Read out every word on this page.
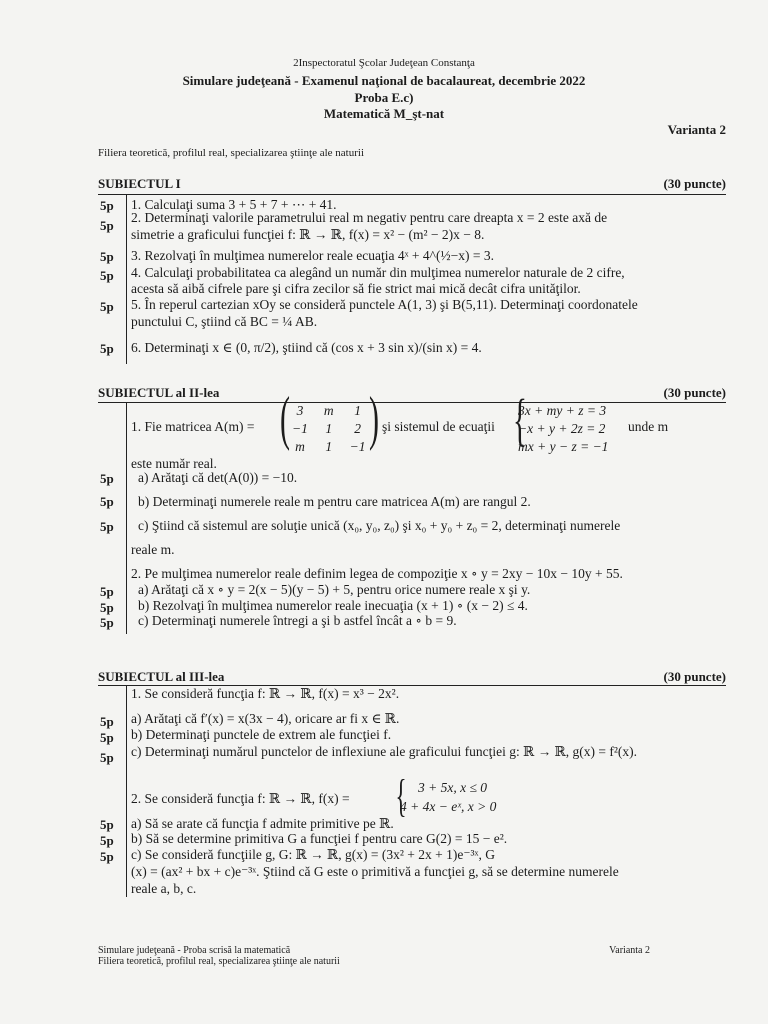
2Inspectoratul Şcolar Judeţean Constanţa
Simulare judeţeană - Examenul naţional de bacalaureat, decembrie 2022
Proba E.c)
Matematică M_şt-nat
Varianta 2
Filiera teoretică, profilul real, specializarea ştiinţe ale naturii
SUBIECTUL I	(30 puncte)
5p 1. Calculaţi suma 3 + 5 + 7 + ⋯ + 41.
5p
2. Determinaţi valorile parametrului real m negativ pentru care dreapta x = 2 este axă de
simetrie a graficului funcţiei f: ℝ → ℝ, f(x) = x² − (m² − 2)x − 8.
5p 3. Rezolvaţi în mulţimea numerelor reale ecuaţia 4ˣ + 4^(½−x) = 3.
5p 4. Calculaţi probabilitatea ca alegând un număr din mulţimea numerelor naturale de 2 cifre,
acesta să aibă cifrele pare şi cifra zecilor să fie strict mai mică decât cifra unităţilor.
5p 5. În reperul cartezian xOy se consideră punctele A(1, 3) şi B(5,11). Determinaţi coordonatele
punctului C, ştiind că BC = ¼ AB.
5p 6. Determinaţi x ∈ (0, π/2), ştiind că (cos x + 3 sin x)/(sin x) = 4.
SUBIECTUL al II-lea	(30 puncte)
1. Fie matricea A(m) = ( 3	m	1
−1	1	2
m	1	−1 ) şi sistemul de ecuaţii {
3x + my + z = 3
−x + y + 2z = 2
mx + y − z = −1
unde m
este număr real.
5p a) Arătaţi că det(A(0)) = −10.
5p b) Determinaţi numerele reale m pentru care matricea A(m) are rangul 2.
5p c) Ştiind că sistemul are soluţie unică (x₀, y₀, z₀) şi x₀ + y₀ + z₀ = 2, determinaţi numerele
reale m.
2. Pe mulţimea numerelor reale definim legea de compoziţie x ∘ y = 2xy − 10x − 10y + 55.
5p a) Arătaţi că x ∘ y = 2(x − 5)(y − 5) + 5, pentru orice numere reale x şi y.
5p b) Rezolvaţi în mulţimea numerelor reale inecuaţia (x + 1) ∘ (x − 2) ≤ 4.
5p c) Determinaţi numerele întregi a şi b astfel încât a ∘ b = 9.
SUBIECTUL al III-lea	(30 puncte)
1. Se consideră funcţia f: ℝ → ℝ, f(x) = x³ − 2x².
5p a) Arătaţi că f′(x) = x(3x − 4), oricare ar fi x ∈ ℝ.
5p b) Determinaţi punctele de extrem ale funcţiei f.
5p c) Determinaţi numărul punctelor de inflexiune ale graficului funcţiei g: ℝ → ℝ, g(x) = f²(x).
2. Se consideră funcţia f: ℝ → ℝ, f(x) = { 3 + 5x, x ≤ 0
4 + 4x − eˣ, x > 0
5p a) Să se arate că funcţia f admite primitive pe ℝ.
5p b) Să se determine primitiva G a funcţiei f pentru care G(2) = 15 − e².
5p c) Se consideră funcţiile g, G: ℝ → ℝ, g(x) = (3x² + 2x + 1)e⁻³ˣ, G
(x) = (ax² + bx + c)e⁻³ˣ. Ştiind că G este o primitivă a funcţiei g, să se determine numerele
reale a, b, c.
Simulare judeţeană - Proba scrisă la matematică
Filiera teoretică, profilul real, specializarea ştiinţe ale naturii
Varianta 2
